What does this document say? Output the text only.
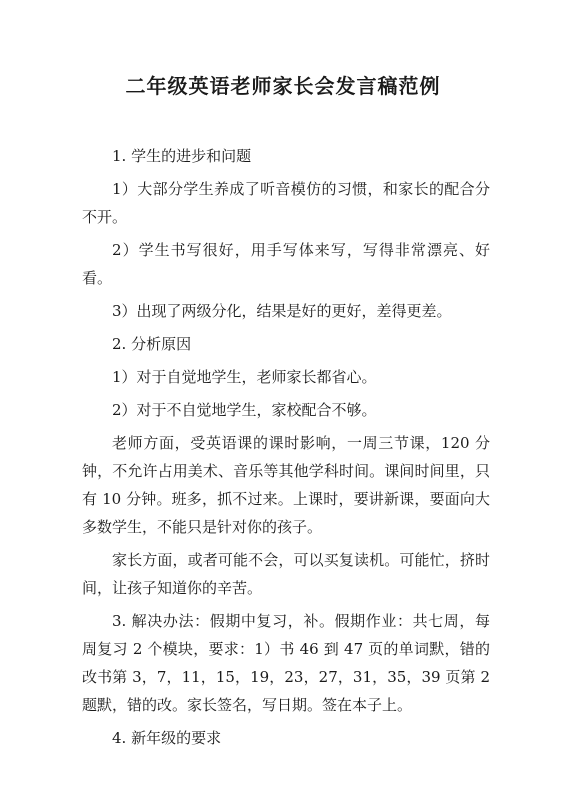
二年级英语老师家长会发言稿范例

1. 学生的进步和问题

1）大部分学生养成了听音模仿的习惯，和家长的配合分不开。

2）学生书写很好，用手写体来写，写得非常漂亮、好看。

3）出现了两级分化，结果是好的更好，差得更差。

2. 分析原因

1）对于自觉地学生，老师家长都省心。

2）对于不自觉地学生，家校配合不够。

老师方面，受英语课的课时影响，一周三节课，120 分钟，不允许占用美术、音乐等其他学科时间。课间时间里，只有 10 分钟。班多，抓不过来。上课时，要讲新课，要面向大多数学生，不能只是针对你的孩子。

家长方面，或者可能不会，可以买复读机。可能忙，挤时间，让孩子知道你的辛苦。

3. 解决办法：假期中复习，补。假期作业：共七周，每周复习 2 个模块，要求：1）书 46 到 47 页的单词默，错的改书第 3，7，11，15，19，23，27，31，35，39 页第 2 题默，错的改。家长签名，写日期。签在本子上。

4. 新年级的要求
